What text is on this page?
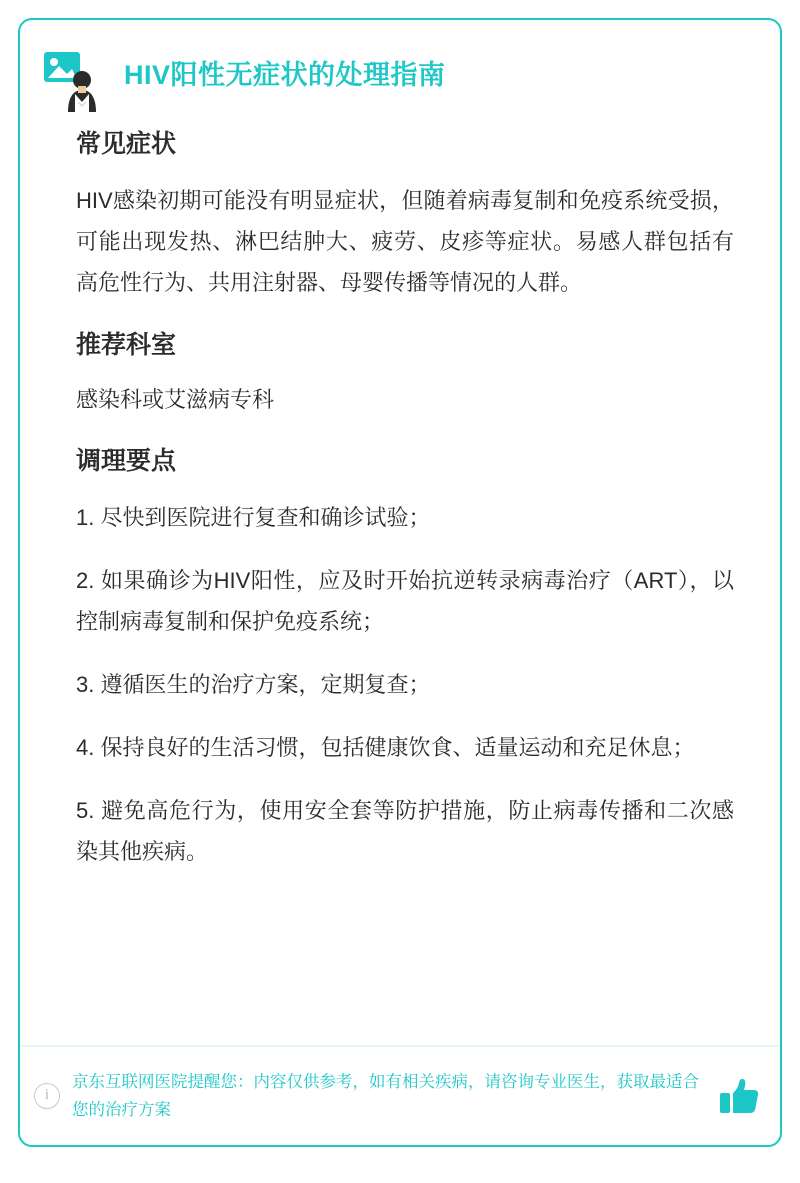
HIV阳性无症状的处理指南
常见症状

HIV感染初期可能没有明显症状，但随着病毒复制和免疫系统受损，可能出现发热、淋巴结肿大、疲劳、皮疹等症状。易感人群包括有高危性行为、共用注射器、母婴传播等情况的人群。

推荐科室

感染科或艾滋病专科

调理要点
1. 尽快到医院进行复查和确诊试验；
2. 如果确诊为HIV阳性，应及时开始抗逆转录病毒治疗（ART），以控制病毒复制和保护免疫系统；
3. 遵循医生的治疗方案，定期复查；
4. 保持良好的生活习惯，包括健康饮食、适量运动和充足休息；
5. 避免高危行为，使用安全套等防护措施，防止病毒传播和二次感染其他疾病。
i
京东互联网医院提醒您：内容仅供参考，如有相关疾病，请咨询专业医生，获取最适合您的治疗方案
